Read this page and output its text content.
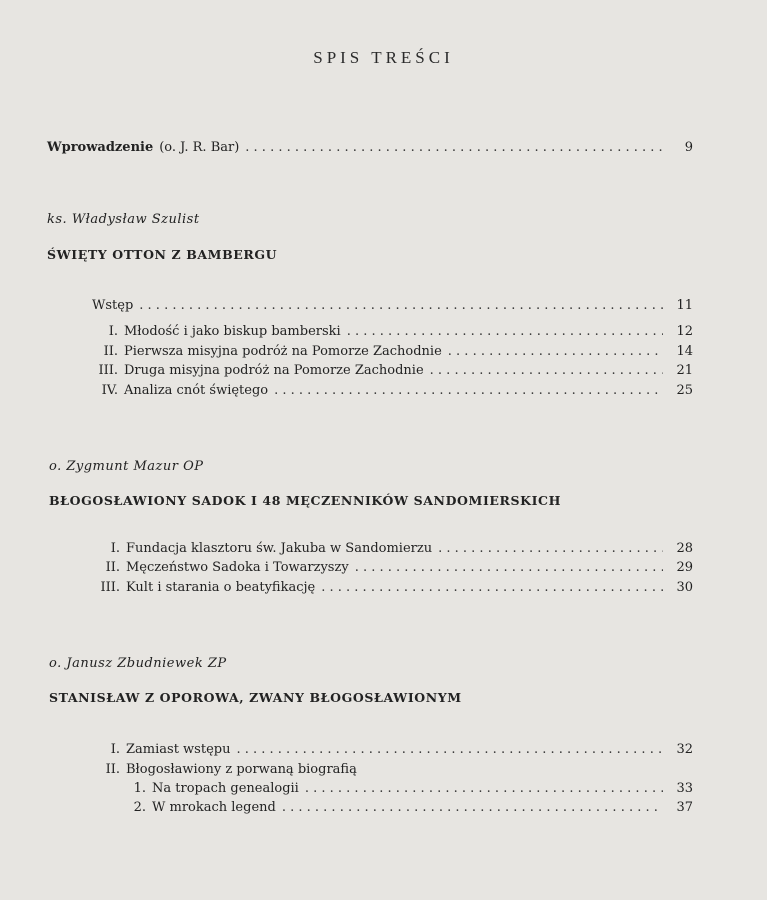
SPIS TREŚCI
Wprowadzenie (o. J. R. Bar) . . .	9
ks. Władysław Szulist
ŚWIĘTY OTTON Z BAMBERGU
Wstęp . . .	11
I. Młodość i jako biskup bamberski . . .	12
II. Pierwsza misyjna podróż na Pomorze Zachodnie . . .	14
III. Druga misyjna podróż na Pomorze Zachodnie . . .	21
IV. Analiza cnót świętego . . .	25
o. Zygmunt Mazur OP
BŁOGOSŁAWIONY SADOK I 48 MĘCZENNIKÓW SANDOMIERSKICH
I. Fundacja klasztoru św. Jakuba w Sandomierzu . . .	28
II. Męczeństwo Sadoka i Towarzyszy . . .	29
III. Kult i starania o beatyfikację . . .	30
o. Janusz Zbudniewek ZP
STANISŁAW Z OPOROWA, ZWANY BŁOGOSŁAWIONYM
I. Zamiast wstępu . . .	32
II. Błogosławiony z porwaną biografią
1. Na tropach genealogii . . .	33
2. W mrokach legend . . .	37
